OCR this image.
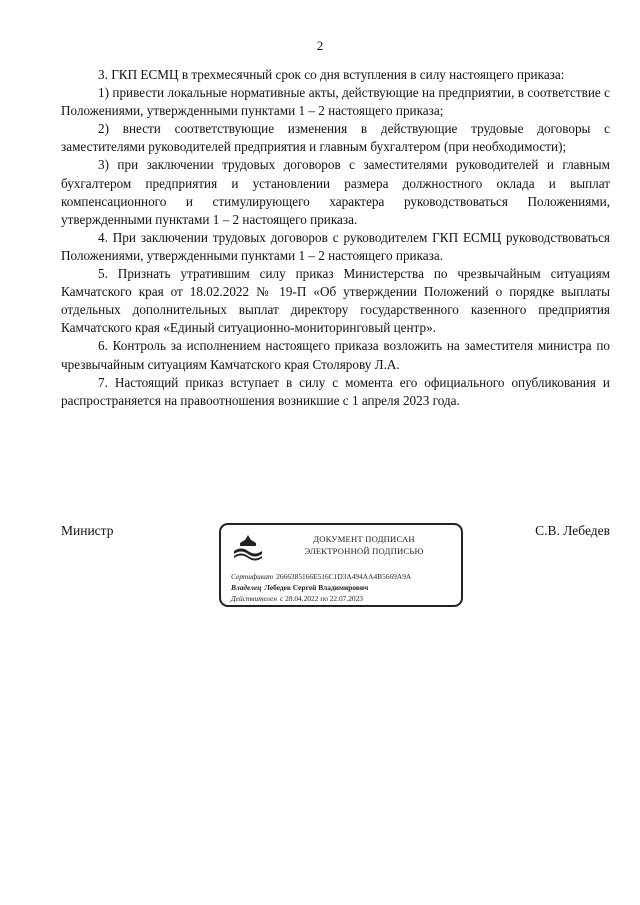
2

3. ГКП ЕСМЦ в трехмесячный срок со дня вступления в силу настоящего приказа:

1) привести локальные нормативные акты, действующие на предприятии, в соответствие с Положениями, утвержденными пунктами 1 – 2 настоящего приказа;

2) внести соответствующие изменения в действующие трудовые договоры с заместителями руководителей предприятия и главным бухгалтером (при необходимости);

3) при заключении трудовых договоров с заместителями руководителей и главным бухгалтером предприятия и установлении размера должностного оклада и выплат компенсационного и стимулирующего характера руководствоваться Положениями, утвержденными пунктами 1 – 2 настоящего приказа.

4. При заключении трудовых договоров с руководителем ГКП ЕСМЦ руководствоваться Положениями, утвержденными пунктами 1 – 2 настоящего приказа.

5. Признать утратившим силу приказ Министерства по чрезвычайным ситуациям Камчатского края от 18.02.2022 № 19-П «Об утверждении Положений о порядке выплаты отдельных дополнительных выплат директору государственного казенного предприятия Камчатского края «Единый ситуационно-мониторинговый центр».

6. Контроль за исполнением настоящего приказа возложить на заместителя министра по чрезвычайным ситуациям Камчатского края Столярову Л.А.

7. Настоящий приказ вступает в силу с момента его официального опубликования и распространяется на правоотношения возникшие с 1 апреля 2023 года.

Министр
ДОКУМЕНТ ПОДПИСАН
ЭЛЕКТРОННОЙ ПОДПИСЬЮ
Сертификат 2666385166E516C1D3A494AA4B5669A9A
Владелец Лебедев Сергей Владимирович
Действителен с 28.04.2022 по 22.07.2023
С.В. Лебедев
